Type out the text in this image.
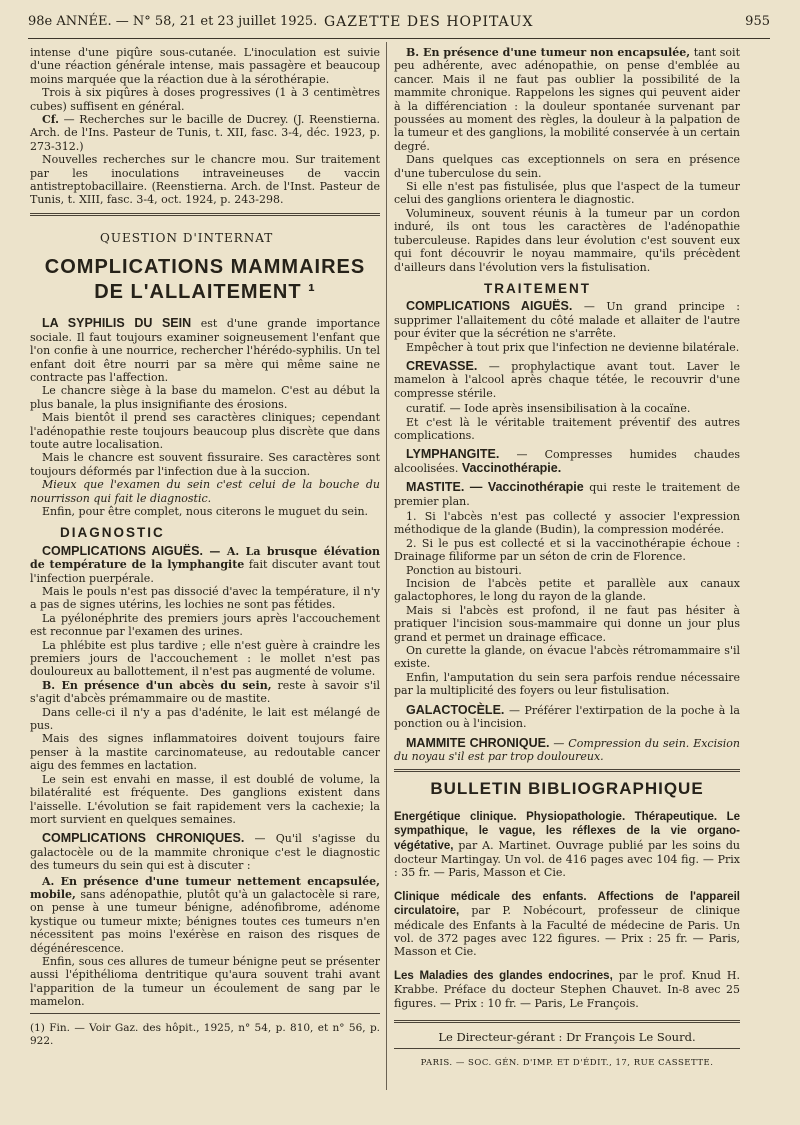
98e ANNÉE. — N° 58, 21 et 23 juillet 1925. GAZETTE DES HOPITAUX	955

intense d'une piqûre sous-cutanée. L'inoculation est suivie d'une réaction générale intense, mais passagère et beaucoup moins marquée que la réaction due à la sérothérapie.

Trois à six piqûres à doses progressives (1 à 3 centimètres cubes) suffisent en général.

Cf. — Recherches sur le bacille de Ducrey. (J. Reenstierna. Arch. de l'Ins. Pasteur de Tunis, t. XII, fasc. 3-4, déc. 1923, p. 273-312.)

Nouvelles recherches sur le chancre mou. Sur traitement par les inoculations intraveineuses de vaccin antistreptobacillaire. (Reenstierna. Arch. de l'Inst. Pasteur de Tunis, t. XIII, fasc. 3-4, oct. 1924, p. 243-298.

QUESTION D'INTERNAT
COMPLICATIONS MAMMAIRES
DE L'ALLAITEMENT ¹

LA SYPHILIS DU SEIN est d'une grande importance sociale. Il faut toujours examiner soigneusement l'enfant que l'on confie à une nourrice, rechercher l'hérédo-syphilis. Un tel enfant doit être nourri par sa mère qui même saine ne contracte pas l'affection.

Le chancre siège à la base du mamelon. C'est au début la plus banale, la plus insignifiante des érosions.

Mais bientôt il prend ses caractères cliniques; cependant l'adénopathie reste toujours beaucoup plus discrète que dans toute autre localisation.

Mais le chancre est souvent fissuraire. Ses caractères sont toujours déformés par l'infection due à la succion.

Mieux que l'examen du sein c'est celui de la bouche du nourrisson qui fait le diagnostic.

Enfin, pour être complet, nous citerons le muguet du sein.

DIAGNOSTIC

COMPLICATIONS AIGUËS. — A. La brusque élévation de température de la lymphangite fait discuter avant tout l'infection puerpérale.

Mais le pouls n'est pas dissocié d'avec la température, il n'y a pas de signes utérins, les lochies ne sont pas fétides.

La pyélonéphrite des premiers jours après l'accouchement est reconnue par l'examen des urines.

La phlébite est plus tardive ; elle n'est guère à craindre les premiers jours de l'accouchement : le mollet n'est pas douloureux au ballottement, il n'est pas augmenté de volume.

B. En présence d'un abcès du sein, reste à savoir s'il s'agit d'abcès prémammaire ou de mastite.

Dans celle-ci il n'y a pas d'adénite, le lait est mélangé de pus.

Mais des signes inflammatoires doivent toujours faire penser à la mastite carcinomateuse, au redoutable cancer aigu des femmes en lactation.

Le sein est envahi en masse, il est doublé de volume, la bilatéralité est fréquente. Des ganglions existent dans l'aisselle. L'évolution se fait rapidement vers la cachexie; la mort survient en quelques semaines.

COMPLICATIONS CHRONIQUES. — Qu'il s'agisse du galactocèle ou de la mammite chronique c'est le diagnostic des tumeurs du sein qui est à discuter :

A. En présence d'une tumeur nettement encapsulée, mobile, sans adénopathie, plutôt qu'à un galactocèle si rare, on pense à une tumeur bénigne, adénofibrome, adénome kystique ou tumeur mixte; bénignes toutes ces tumeurs n'en nécessitent pas moins l'exérèse en raison des risques de dégénérescence.

Enfin, sous ces allures de tumeur bénigne peut se présenter aussi l'épithélioma dentritique qu'aura souvent trahi avant l'apparition de la tumeur un écoulement de sang par le mamelon.

(1) Fin. — Voir Gaz. des hôpit., 1925, n° 54, p. 810, et n° 56, p. 922.

B. En présence d'une tumeur non encapsulée, tant soit peu adhérente, avec adénopathie, on pense d'emblée au cancer. Mais il ne faut pas oublier la possibilité de la mammite chronique. Rappelons les signes qui peuvent aider à la différenciation : la douleur spontanée survenant par poussées au moment des règles, la douleur à la palpation de la tumeur et des ganglions, la mobilité conservée à un certain degré.

Dans quelques cas exceptionnels on sera en présence d'une tuberculose du sein.

Si elle n'est pas fistulisée, plus que l'aspect de la tumeur celui des ganglions orientera le diagnostic.

Volumineux, souvent réunis à la tumeur par un cordon induré, ils ont tous les caractères de l'adénopathie tuberculeuse. Rapides dans leur évolution c'est souvent eux qui font découvrir le noyau mammaire, qu'ils précèdent d'ailleurs dans l'évolution vers la fistulisation.

TRAITEMENT

COMPLICATIONS AIGUËS. — Un grand principe : supprimer l'allaitement du côté malade et allaiter de l'autre pour éviter que la sécrétion ne s'arrête.

Empêcher à tout prix que l'infection ne devienne bilatérale.

CREVASSE. — prophylactique avant tout. Laver le mamelon à l'alcool après chaque tétée, le recouvrir d'une compresse stérile.

curatif. — Iode après insensibilisation à la cocaïne.

Et c'est là le véritable traitement préventif des autres complications.

LYMPHANGITE. — Compresses humides chaudes alcoolisées. Vaccinothérapie.

MASTITE. — Vaccinothérapie qui reste le traitement de premier plan.

1. Si l'abcès n'est pas collecté y associer l'expression méthodique de la glande (Budin), la compression modérée.

2. Si le pus est collecté et si la vaccinothérapie échoue : Drainage filiforme par un séton de crin de Florence.

Ponction au bistouri.

Incision de l'abcès petite et parallèle aux canaux galactophores, le long du rayon de la glande.

Mais si l'abcès est profond, il ne faut pas hésiter à pratiquer l'incision sous-mammaire qui donne un jour plus grand et permet un drainage efficace.

On curette la glande, on évacue l'abcès rétromammaire s'il existe.

Enfin, l'amputation du sein sera parfois rendue nécessaire par la multiplicité des foyers ou leur fistulisation.

GALACTOCÈLE. — Préférer l'extirpation de la poche à la ponction ou à l'incision.

MAMMITE CHRONIQUE. — Compression du sein. Excision du noyau s'il est par trop douloureux.

BULLETIN BIBLIOGRAPHIQUE

Energétique clinique. Physiopathologie. Thérapeutique. Le sympathique, le vague, les réflexes de la vie organo-végétative, par A. Martinet. Ouvrage publié par les soins du docteur Martingay. Un vol. de 416 pages avec 104 fig. — Prix : 35 fr. — Paris, Masson et Cie.

Clinique médicale des enfants. Affections de l'appareil circulatoire, par P. Nobécourt, professeur de clinique médicale des Enfants à la Faculté de médecine de Paris. Un vol. de 372 pages avec 122 figures. — Prix : 25 fr. — Paris, Masson et Cie.

Les Maladies des glandes endocrines, par le prof. Knud H. Krabbe. Préface du docteur Stephen Chauvet. In-8 avec 25 figures. — Prix : 10 fr. — Paris, Le François.

Le Directeur-gérant : Dr François Le Sourd.
PARIS. — SOC. GÉN. D'IMP. ET D'ÉDIT., 17, RUE CASSETTE.
